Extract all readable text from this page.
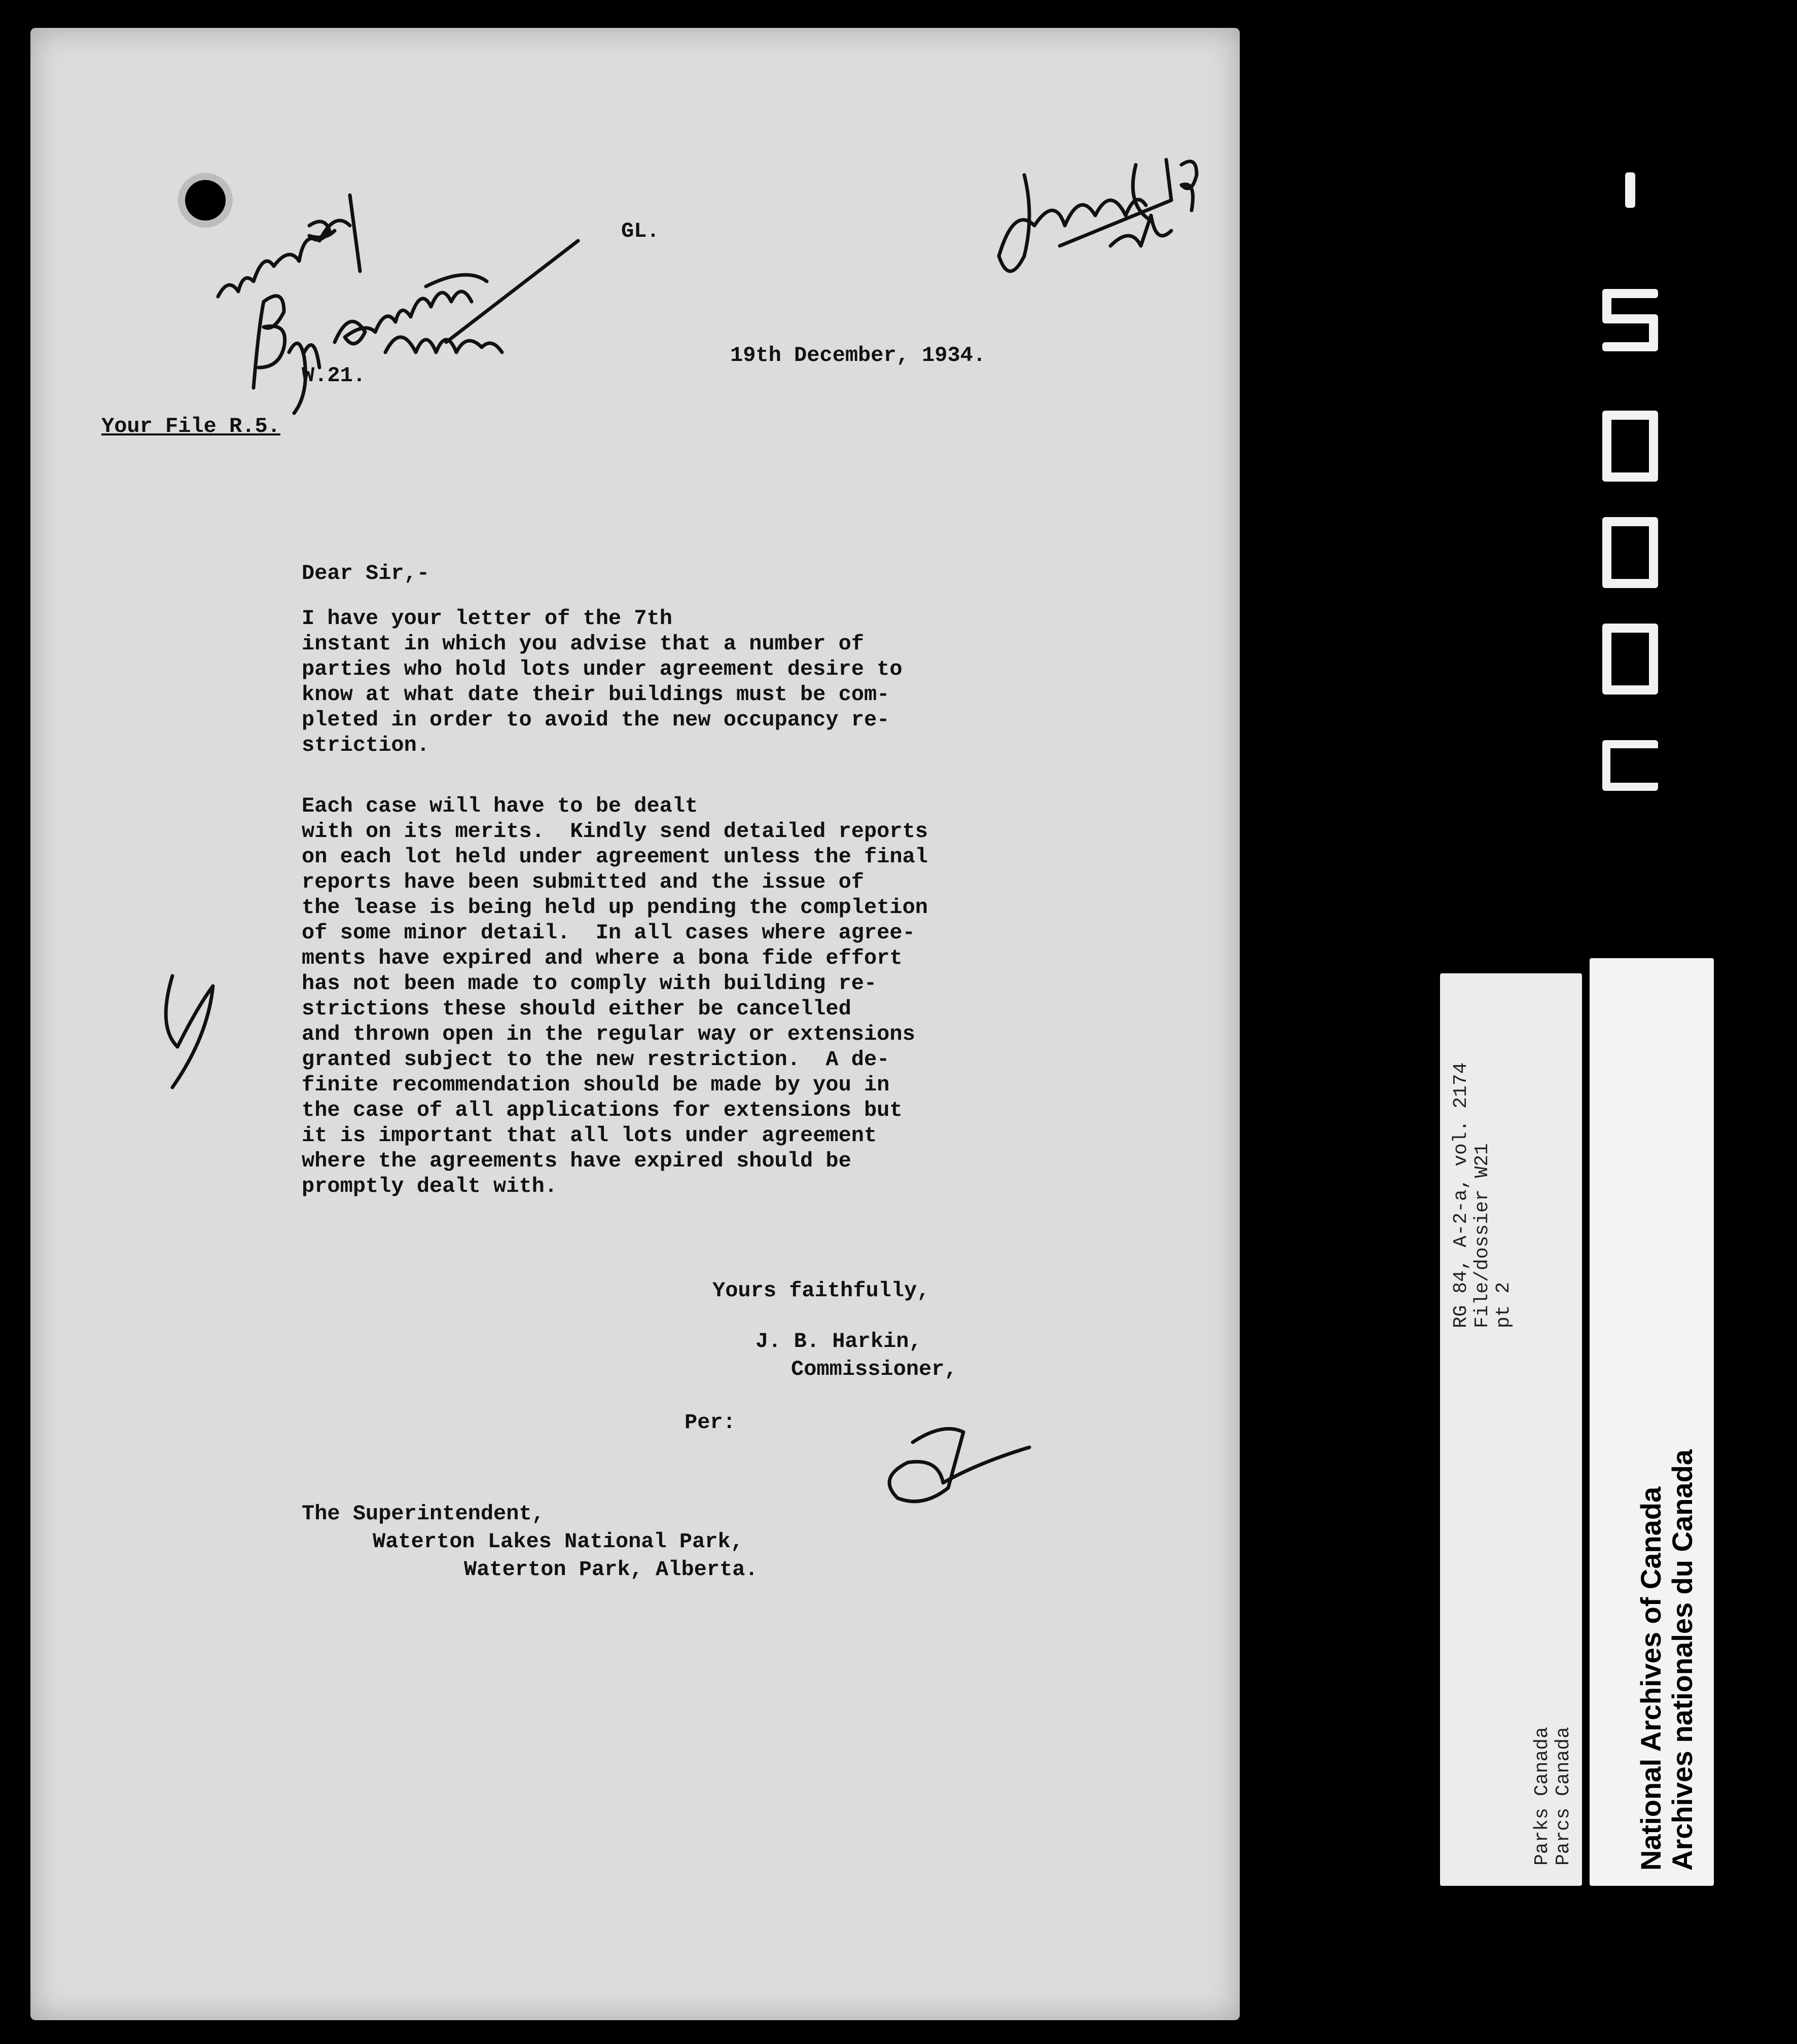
GL.
W.21.
19th December, 1934.
Your File R.5.
Dear Sir,-
I have your letter of the 7th
instant in which you advise that a number of
parties who hold lots under agreement desire to
know at what date their buildings must be com-
pleted in order to avoid the new occupancy re-
striction.
Each case will have to be dealt
with on its merits.  Kindly send detailed reports
on each lot held under agreement unless the final
reports have been submitted and the issue of
the lease is being held up pending the completion
of some minor detail.  In all cases where agree-
ments have expired and where a bona fide effort
has not been made to comply with building re-
strictions these should either be cancelled
and thrown open in the regular way or extensions
granted subject to the new restriction.  A de-
finite recommendation should be made by you in
the case of all applications for extensions but
it is important that all lots under agreement
where the agreements have expired should be
promptly dealt with.
Yours faithfully,
J. B. Harkin,
Commissioner,
Per:
The Superintendent,
Waterton Lakes National Park,
Waterton Park, Alberta.
RG 84, A-2-a, vol. 2174 File/dossier W21 pt 2
Parks Canada Parcs Canada National Archives of Canada Archives nationales du Canada
